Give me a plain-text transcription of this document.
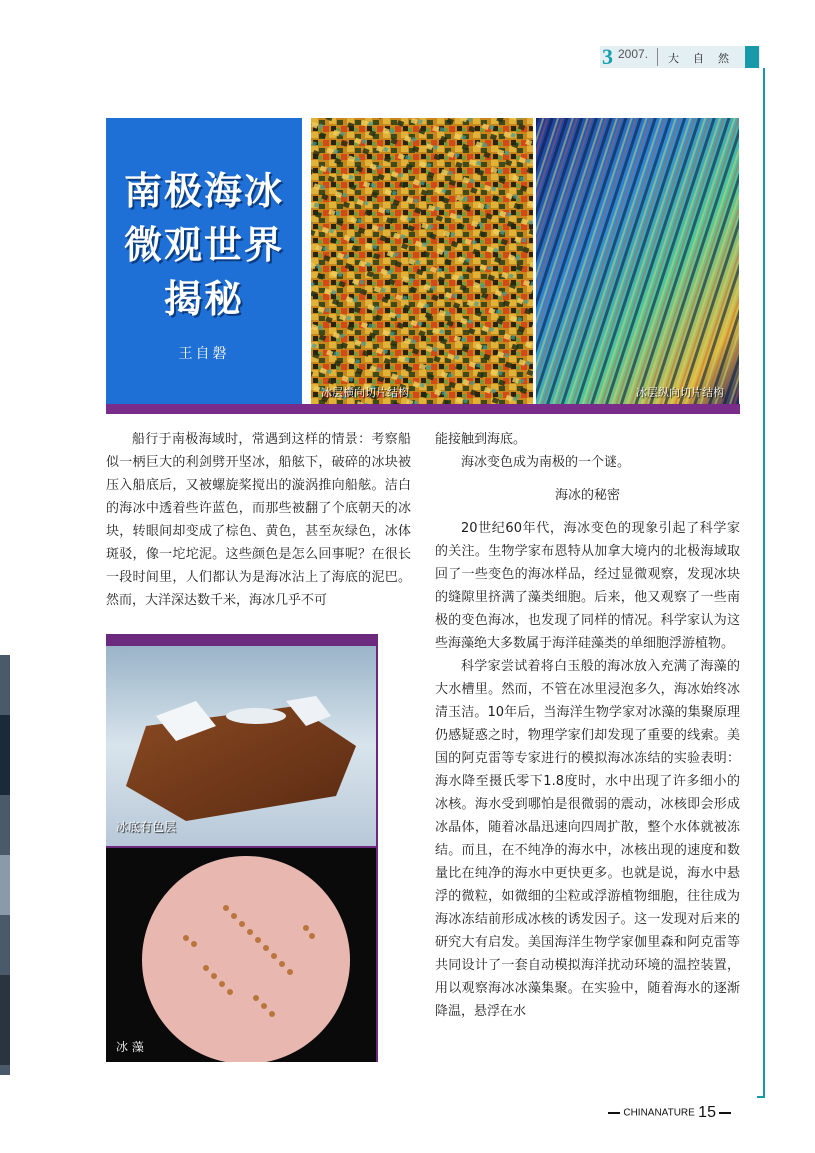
3 2007. 大自然
南极海冰
微观世界
揭秘
王自磐
冰层横向切片结构	冰层纵向切片结构
冰底有色层
冰 藻

船行于南极海域时，常遇到这样的情景：考察船似一柄巨大的利剑劈开坚冰，船舷下，破碎的冰块被压入船底后，又被螺旋桨搅出的漩涡推向船舷。洁白的海冰中透着些许蓝色，而那些被翻了个底朝天的冰块，转眼间却变成了棕色、黄色，甚至灰绿色，冰体斑驳，像一坨坨泥。这些颜色是怎么回事呢？在很长一段时间里，人们都认为是海冰沾上了海底的泥巴。然而，大洋深达数千米，海冰几乎不可

能接触到海底。

海冰变色成为南极的一个谜。

海冰的秘密

20世纪60年代，海冰变色的现象引起了科学家的关注。生物学家布恩特从加拿大境内的北极海域取回了一些变色的海冰样品，经过显微观察，发现冰块的缝隙里挤满了藻类细胞。后来，他又观察了一些南极的变色海冰，也发现了同样的情况。科学家认为这些海藻绝大多数属于海洋硅藻类的单细胞浮游植物。

科学家尝试着将白玉般的海冰放入充满了海藻的大水槽里。然而，不管在冰里浸泡多久，海冰始终冰清玉洁。10年后，当海洋生物学家对冰藻的集聚原理仍感疑惑之时，物理学家们却发现了重要的线索。美国的阿克雷等专家进行的模拟海冰冻结的实验表明：海水降至摄氏零下1.8度时，水中出现了许多细小的冰核。海水受到哪怕是很微弱的震动，冰核即会形成冰晶体，随着冰晶迅速向四周扩散，整个水体就被冻结。而且，在不纯净的海水中，冰核出现的速度和数量比在纯净的海水中更快更多。也就是说，海水中悬浮的微粒，如微细的尘粒或浮游植物细胞，往往成为海冰冻结前形成冰核的诱发因子。这一发现对后来的研究大有启发。美国海洋生物学家伽里森和阿克雷等共同设计了一套自动模拟海洋扰动环境的温控装置，用以观察海冰冰藻集聚。在实验中，随着海水的逐渐降温，悬浮在水

CHINANATURE 15
